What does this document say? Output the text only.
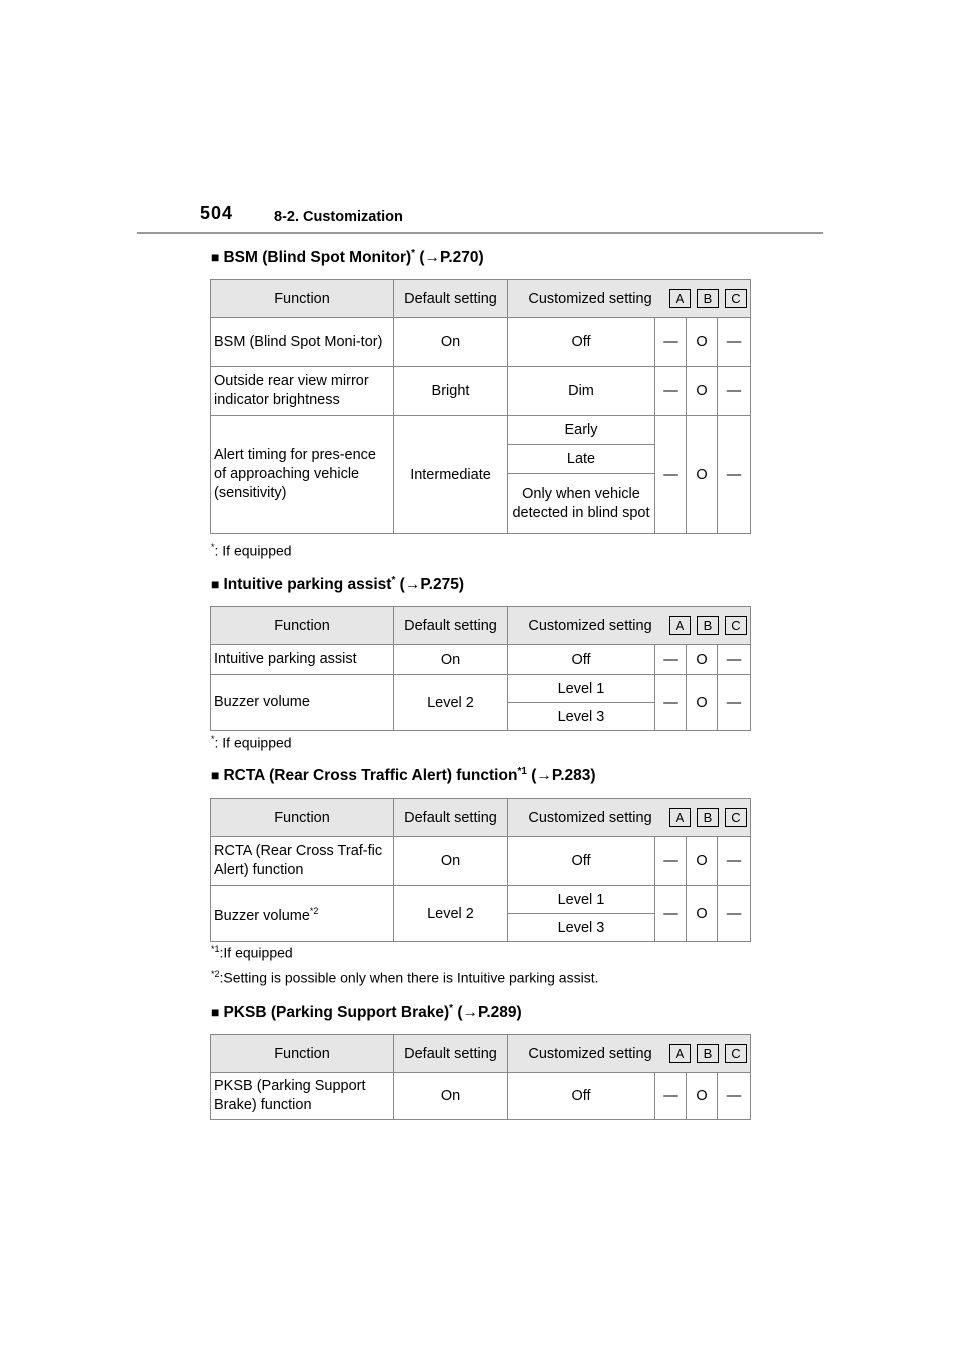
504	8-2. Customization
■ BSM (Blind Spot Monitor)* (→P.270)
Function	Default setting	Customized setting A B C			

BSM (Blind Spot Moni-tor)	On	Off	—	O	—
Outside rear view mirror indicator brightness	Bright	Dim	—	O	—
Alert timing for pres-ence of approaching vehicle (sensitivity)	Intermediate	Early	—	O	—
		Late			
		Only when vehicle detected in blind spot			
*: If equipped
■ Intuitive parking assist* (→P.275)
Function	Default setting	Customized setting A B C			

Intuitive parking assist	On	Off	—	O	—
Buzzer volume	Level 2	Level 1	—	O	—
		Level 3			
*: If equipped
■ RCTA (Rear Cross Traffic Alert) function$^{*1}$ (→P.283)
Function	Default setting	Customized setting A B C			

RCTA (Rear Cross Traf-fic Alert) function	On	Off	—	O	—
Buzzer volume$^{*2}$	Level 2	Level 1	—	O	—
		Level 3			
$^{*1}$:If equipped
$^{*2}$:Setting is possible only when there is Intuitive parking assist.
■ PKSB (Parking Support Brake)* (→P.289)
Function	Default setting	Customized setting A B C			

PKSB (Parking Support Brake) function	On	Off	—	O	—
